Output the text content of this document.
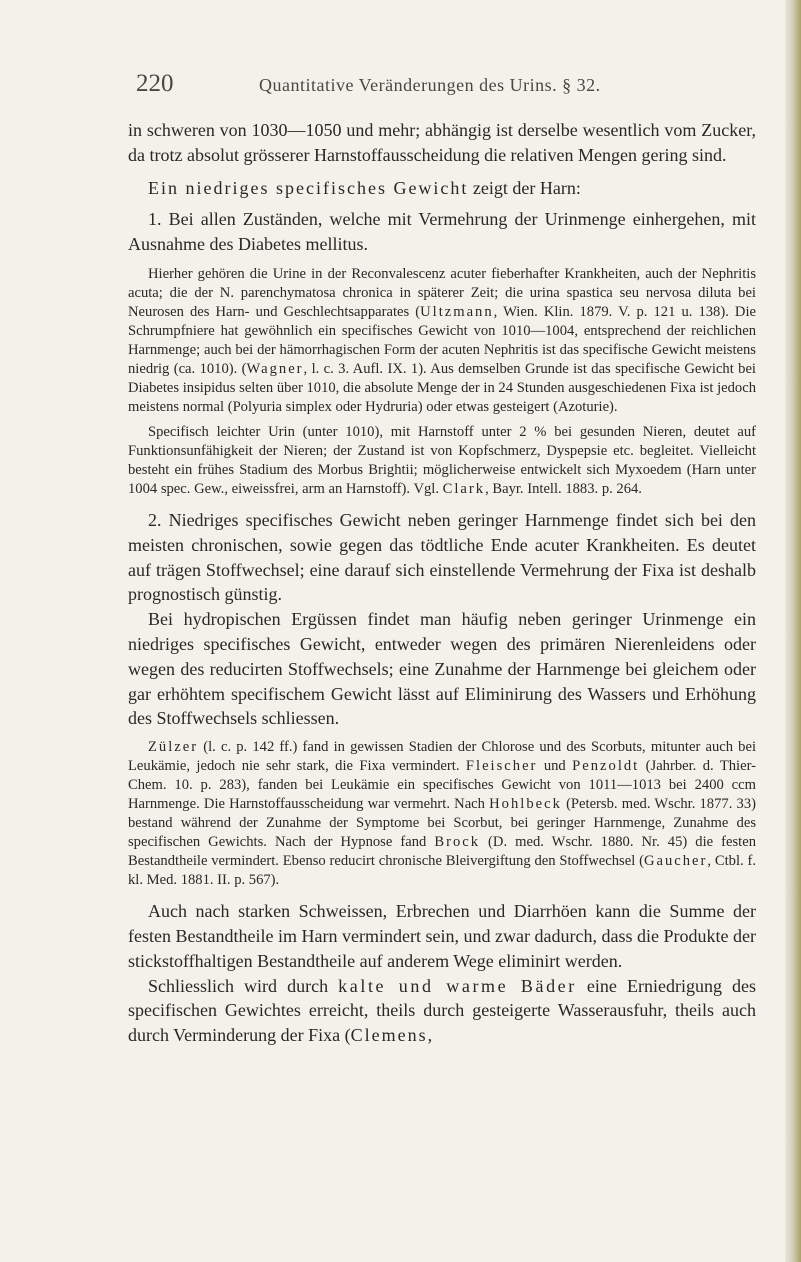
220	Quantitative Veränderungen des Urins. § 32.

in schweren von 1030—1050 und mehr; abhängig ist derselbe wesentlich vom Zucker, da trotz absolut grösserer Harnstoffausscheidung die relativen Mengen gering sind.

Ein niedriges specifisches Gewicht zeigt der Harn:

1. Bei allen Zuständen, welche mit Vermehrung der Urinmenge einhergehen, mit Ausnahme des Diabetes mellitus.

Hierher gehören die Urine in der Reconvalescenz acuter fieberhafter Krankheiten, auch der Nephritis acuta; die der N. parenchymatosa chronica in späterer Zeit; die urina spastica seu nervosa diluta bei Neurosen des Harn- und Geschlechtsapparates (Ultzmann, Wien. Klin. 1879. V. p. 121 u. 138). Die Schrumpfniere hat gewöhnlich ein specifisches Gewicht von 1010—1004, entsprechend der reichlichen Harnmenge; auch bei der hämorrhagischen Form der acuten Nephritis ist das specifische Gewicht meistens niedrig (ca. 1010). (Wagner, l. c. 3. Aufl. IX. 1). Aus demselben Grunde ist das specifische Gewicht bei Diabetes insipidus selten über 1010, die absolute Menge der in 24 Stunden ausgeschiedenen Fixa ist jedoch meistens normal (Polyuria simplex oder Hydruria) oder etwas gesteigert (Azoturie).

Specifisch leichter Urin (unter 1010), mit Harnstoff unter 2 % bei gesunden Nieren, deutet auf Funktionsunfähigkeit der Nieren; der Zustand ist von Kopfschmerz, Dyspepsie etc. begleitet. Vielleicht besteht ein frühes Stadium des Morbus Brightii; möglicherweise entwickelt sich Myxoedem (Harn unter 1004 spec. Gew., eiweissfrei, arm an Harnstoff). Vgl. Clark, Bayr. Intell. 1883. p. 264.

2. Niedriges specifisches Gewicht neben geringer Harnmenge findet sich bei den meisten chronischen, sowie gegen das tödtliche Ende acuter Krankheiten. Es deutet auf trägen Stoffwechsel; eine darauf sich einstellende Vermehrung der Fixa ist deshalb prognostisch günstig.

Bei hydropischen Ergüssen findet man häufig neben geringer Urinmenge ein niedriges specifisches Gewicht, entweder wegen des primären Nierenleidens oder wegen des reducirten Stoffwechsels; eine Zunahme der Harnmenge bei gleichem oder gar erhöhtem specifischem Gewicht lässt auf Eliminirung des Wassers und Erhöhung des Stoffwechsels schliessen.

Zülzer (l. c. p. 142 ff.) fand in gewissen Stadien der Chlorose und des Scorbuts, mitunter auch bei Leukämie, jedoch nie sehr stark, die Fixa vermindert. Fleischer und Penzoldt (Jahrber. d. Thier-Chem. 10. p. 283), fanden bei Leukämie ein specifisches Gewicht von 1011—1013 bei 2400 ccm Harnmenge. Die Harnstoffausscheidung war vermehrt. Nach Hohlbeck (Petersb. med. Wschr. 1877. 33) bestand während der Zunahme der Symptome bei Scorbut, bei geringer Harnmenge, Zunahme des specifischen Gewichts. Nach der Hypnose fand Brock (D. med. Wschr. 1880. Nr. 45) die festen Bestandtheile vermindert. Ebenso reducirt chronische Bleivergiftung den Stoffwechsel (Gaucher, Ctbl. f. kl. Med. 1881. II. p. 567).

Auch nach starken Schweissen, Erbrechen und Diarrhöen kann die Summe der festen Bestandtheile im Harn vermindert sein, und zwar dadurch, dass die Produkte der stickstoffhaltigen Bestandtheile auf anderem Wege eliminirt werden.

Schliesslich wird durch kalte und warme Bäder eine Erniedrigung des specifischen Gewichtes erreicht, theils durch gesteigerte Wasserausfuhr, theils auch durch Verminderung der Fixa (Clemens,
